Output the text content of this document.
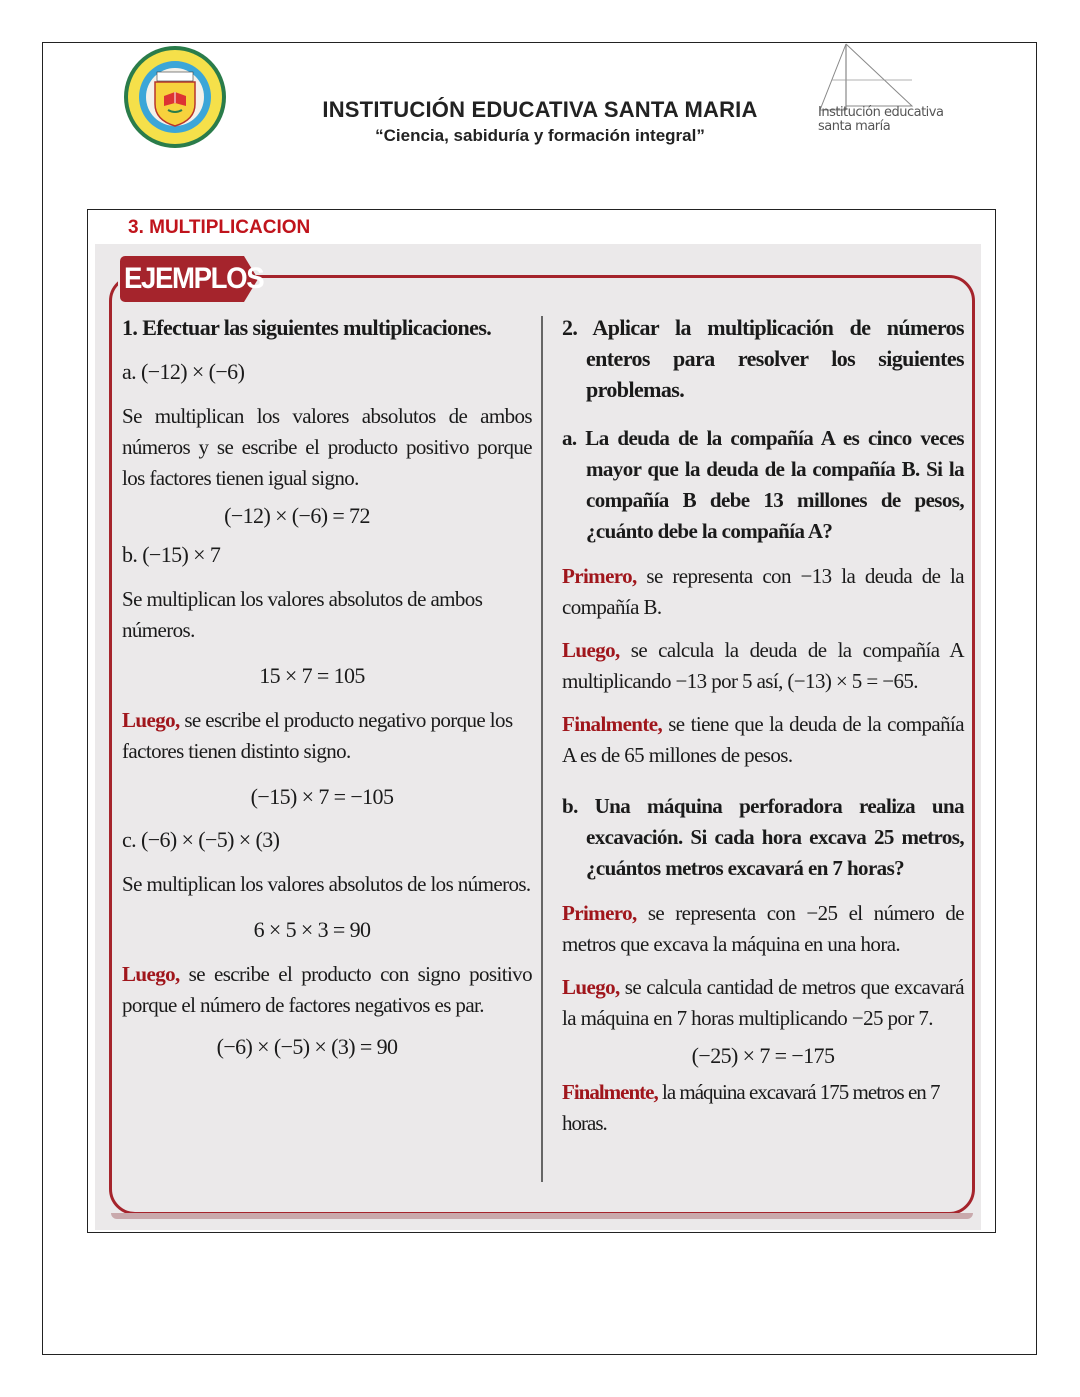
INSTITUCIÓN EDUCATIVA SANTA MARIA
“Ciencia, sabiduría y formación integral”
Institución educativa
santa maría
3. MULTIPLICACION
EJEMPLOS

1. Efectuar las siguientes multiplicaciones.

a. (−12) × (−6)

Se multiplican los valores absolutos de ambos números y se escribe el producto positivo porque los factores tienen igual signo.

(−12) × (−6) = 72

b. (−15) × 7

Se multiplican los valores absolutos de ambos números.

15 × 7 = 105

Luego, se escribe el producto negativo porque los factores tienen distinto signo.

(−15) × 7 = −105

c. (−6) × (−5) × (3)

Se multiplican los valores absolutos de los números.

6 × 5 × 3 = 90

Luego, se escribe el producto con signo positivo porque el número de factores negativos es par.

(−6) × (−5) × (3) = 90

2. Aplicar la multiplicación de números enteros para resolver los siguientes problemas.

a. La deuda de la compañía A es cinco veces mayor que la deuda de la compañía B. Si la compañía B debe 13 millones de pesos, ¿cuánto debe la compañía A?

Primero, se representa con −13 la deuda de la compañía B.

Luego, se calcula la deuda de la compañía A multiplicando −13 por 5 así, (−13) × 5 = −65.

Finalmente, se tiene que la deuda de la compañía A es de 65 millones de pesos.

b. Una máquina perforadora realiza una excavación. Si cada hora excava 25 metros, ¿cuántos metros excavará en 7 horas?

Primero, se representa con −25 el número de metros que excava la máquina en una hora.

Luego, se calcula cantidad de metros que excavará la máquina en 7 horas multiplicando −25 por 7.

(−25) × 7 = −175

Finalmente, la máquina excavará 175 metros en 7 horas.
